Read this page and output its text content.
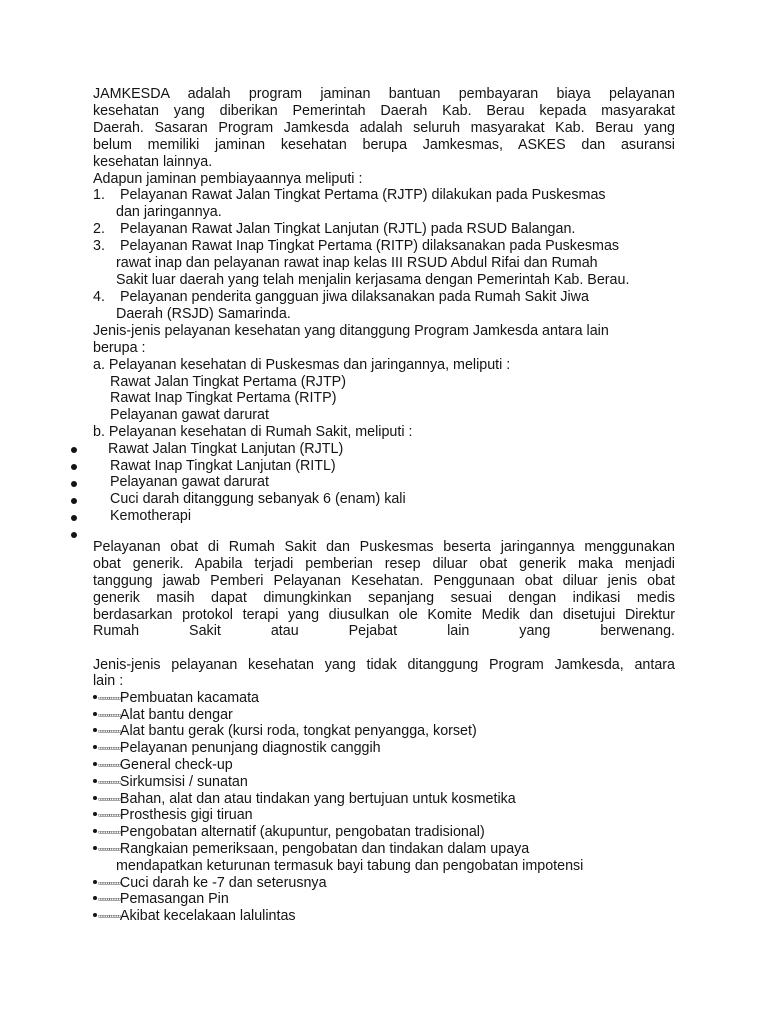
JAMKESDA adalah program jaminan bantuan pembayaran biaya pelayanan
kesehatan yang diberikan Pemerintah Daerah Kab. Berau kepada masyarakat
Daerah. Sasaran Program Jamkesda adalah seluruh masyarakat Kab. Berau yang
belum memiliki jaminan kesehatan berupa Jamkesmas, ASKES dan asuransi
kesehatan lainnya.
Adapun jaminan pembiayaannya meliputi :
1. Pelayanan Rawat Jalan Tingkat Pertama (RJTP) dilakukan pada Puskesmas
dan jaringannya.
2. Pelayanan Rawat Jalan Tingkat Lanjutan (RJTL) pada RSUD Balangan.
3. Pelayanan Rawat Inap Tingkat Pertama (RITP) dilaksanakan pada Puskesmas
rawat inap dan pelayanan rawat inap kelas III RSUD Abdul Rifai dan Rumah
Sakit luar daerah yang telah menjalin kerjasama dengan Pemerintah Kab. Berau.
4. Pelayanan penderita gangguan jiwa dilaksanakan pada Rumah Sakit Jiwa
Daerah (RSJD) Samarinda.
Jenis-jenis pelayanan kesehatan yang ditanggung Program Jamkesda antara lain
berupa :
a. Pelayanan kesehatan di Puskesmas dan jaringannya, meliputi :
Rawat Jalan Tingkat Pertama (RJTP)
Rawat Inap Tingkat Pertama (RITP)
Pelayanan gawat darurat
b. Pelayanan kesehatan di Rumah Sakit, meliputi :
Rawat Jalan Tingkat Lanjutan (RJTL)
Rawat Inap Tingkat Lanjutan (RITL)
Pelayanan gawat darurat
Cuci darah ditanggung sebanyak 6 (enam) kali
Kemotherapi
Pelayanan obat di Rumah Sakit dan Puskesmas beserta jaringannya menggunakan
obat generik. Apabila terjadi pemberian resep diluar obat generik maka menjadi
tanggung jawab Pemberi Pelayanan Kesehatan. Penggunaan obat diluar jenis obat
generik masih dapat dimungkinkan sepanjang sesuai dengan indikasi medis
berdasarkan protokol terapi yang diusulkan ole Komite Medik dan disetujui Direktur
Rumah Sakit atau Pejabat lain yang berwenang.
Jenis-jenis pelayanan kesehatan yang tidak ditanggung Program Jamkesda, antara
lain :
▫▫▫▫▫▫▫▫▫▫Pembuatan kacamata
▫▫▫▫▫▫▫▫▫▫Alat bantu dengar
▫▫▫▫▫▫▫▫▫▫Alat bantu gerak (kursi roda, tongkat penyangga, korset)
▫▫▫▫▫▫▫▫▫▫Pelayanan penunjang diagnostik canggih
▫▫▫▫▫▫▫▫▫▫General check-up
▫▫▫▫▫▫▫▫▫▫Sirkumsisi / sunatan
▫▫▫▫▫▫▫▫▫▫Bahan, alat dan atau tindakan yang bertujuan untuk kosmetika
▫▫▫▫▫▫▫▫▫▫Prosthesis gigi tiruan
▫▫▫▫▫▫▫▫▫▫Pengobatan alternatif (akupuntur, pengobatan tradisional)
▫▫▫▫▫▫▫▫▫▫Rangkaian pemeriksaan, pengobatan dan tindakan dalam upaya
mendapatkan keturunan termasuk bayi tabung dan pengobatan impotensi
▫▫▫▫▫▫▫▫▫▫Cuci darah ke -7 dan seterusnya
▫▫▫▫▫▫▫▫▫▫Pemasangan Pin
▫▫▫▫▫▫▫▫▫▫Akibat kecelakaan lalulintas
